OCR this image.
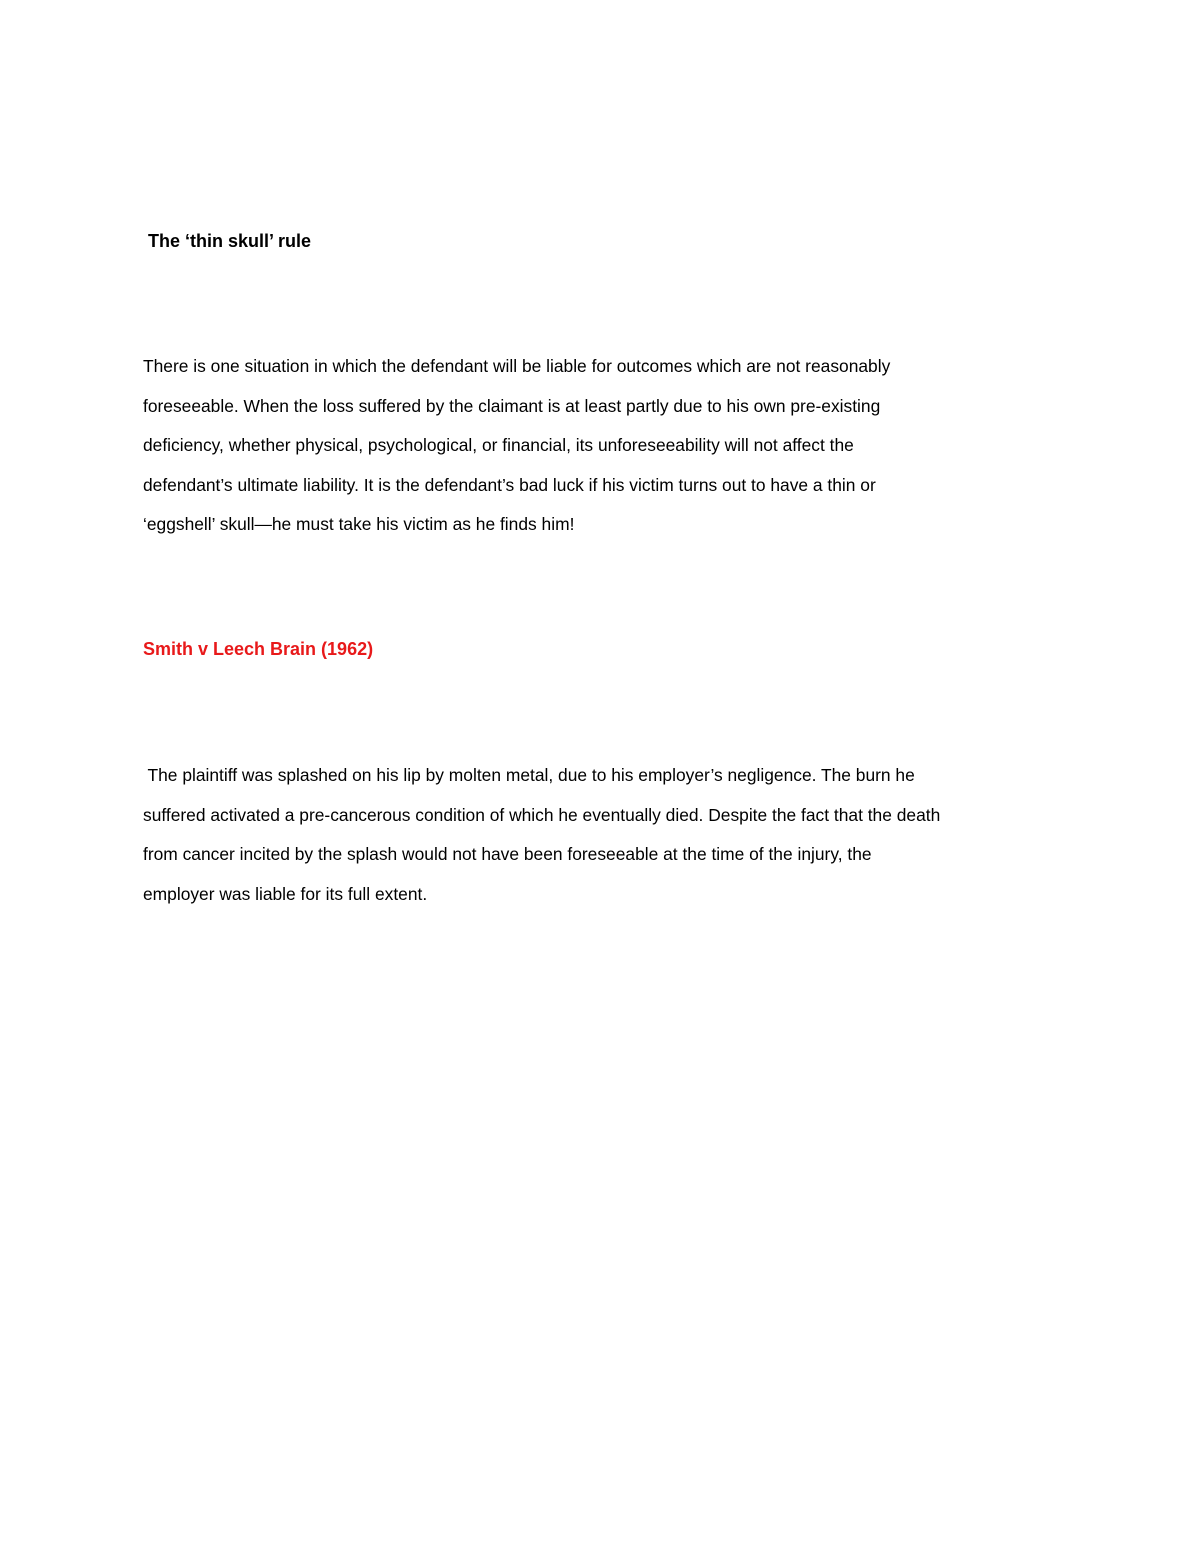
The ‘thin skull’ rule

There is one situation in which the defendant will be liable for outcomes which are not reasonably
foreseeable. When the loss suffered by the claimant is at least partly due to his own pre-existing
deficiency, whether physical, psychological, or financial, its unforeseeability will not affect the
defendant’s ultimate liability. It is the defendant’s bad luck if his victim turns out to have a thin or
‘eggshell’ skull—he must take his victim as he finds him!

Smith v Leech Brain (1962)

The plaintiff was splashed on his lip by molten metal, due to his employer’s negligence. The burn he
suffered activated a pre-cancerous condition of which he eventually died. Despite the fact that the death
from cancer incited by the splash would not have been foreseeable at the time of the injury, the
employer was liable for its full extent.
